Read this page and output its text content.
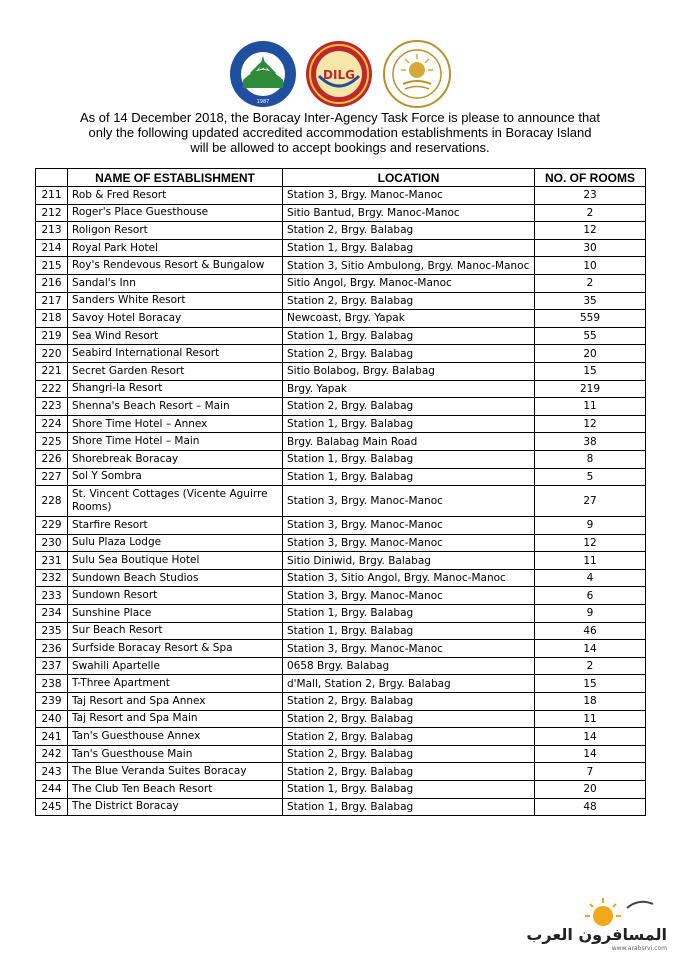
1987
DILG
As of 14 December 2018, the Boracay Inter-Agency Task Force is please to announce that
only the following updated accredited accommodation establishments in Boracay Island
will be allowed to accept bookings and reservations.
	NAME OF ESTABLISHMENT	LOCATION	NO. OF ROOMS
211	Rob & Fred Resort	Station 3, Brgy. Manoc-Manoc	23
212	Roger's Place Guesthouse	Sitio Bantud, Brgy. Manoc-Manoc	2
213	Roligon Resort	Station 2, Brgy. Balabag	12
214	Royal Park Hotel	Station 1, Brgy. Balabag	30
215	Roy's Rendevous Resort & Bungalow	Station 3, Sitio Ambulong, Brgy. Manoc-Manoc	10
216	Sandal's Inn	Sitio Angol, Brgy. Manoc-Manoc	2
217	Sanders White Resort	Station 2, Brgy. Balabag	35
218	Savoy Hotel Boracay	Newcoast, Brgy. Yapak	559
219	Sea Wind Resort	Station 1, Brgy. Balabag	55
220	Seabird International Resort	Station 2, Brgy. Balabag	20
221	Secret Garden Resort	Sitio Bolabog, Brgy. Balabag	15
222	Shangri-la Resort	Brgy. Yapak	219
223	Shenna's Beach Resort – Main	Station 2, Brgy. Balabag	11
224	Shore Time Hotel – Annex	Station 1, Brgy. Balabag	12
225	Shore Time Hotel – Main	Brgy. Balabag Main Road	38
226	Shorebreak Boracay	Station 1, Brgy. Balabag	8
227	Sol Y Sombra	Station 1, Brgy. Balabag	5
228	St. Vincent Cottages (Vicente Aguirre Rooms)	Station 3, Brgy. Manoc-Manoc	27
229	Starfire Resort	Station 3, Brgy. Manoc-Manoc	9
230	Sulu Plaza Lodge	Station 3, Brgy. Manoc-Manoc	12
231	Sulu Sea Boutique Hotel	Sitio Diniwid, Brgy. Balabag	11
232	Sundown Beach Studios	Station 3, Sitio Angol, Brgy. Manoc-Manoc	4
233	Sundown Resort	Station 3, Brgy. Manoc-Manoc	6
234	Sunshine Place	Station 1, Brgy. Balabag	9
235	Sur Beach Resort	Station 1, Brgy. Balabag	46
236	Surfside Boracay Resort & Spa	Station 3, Brgy. Manoc-Manoc	14
237	Swahili Apartelle	0658 Brgy. Balabag	2
238	T-Three Apartment	d'Mall, Station 2, Brgy. Balabag	15
239	Taj Resort and Spa Annex	Station 2, Brgy. Balabag	18
240	Taj Resort and Spa Main	Station 2, Brgy. Balabag	11
241	Tan's Guesthouse Annex	Station 2, Brgy. Balabag	14
242	Tan's Guesthouse Main	Station 2, Brgy. Balabag	14
243	The Blue Veranda Suites Boracay	Station 2, Brgy. Balabag	7
244	The Club Ten Beach Resort	Station 1, Brgy. Balabag	20
245	The District Boracay	Station 1, Brgy. Balabag	48
المسافرون العرب
www.arabsrvi.com
